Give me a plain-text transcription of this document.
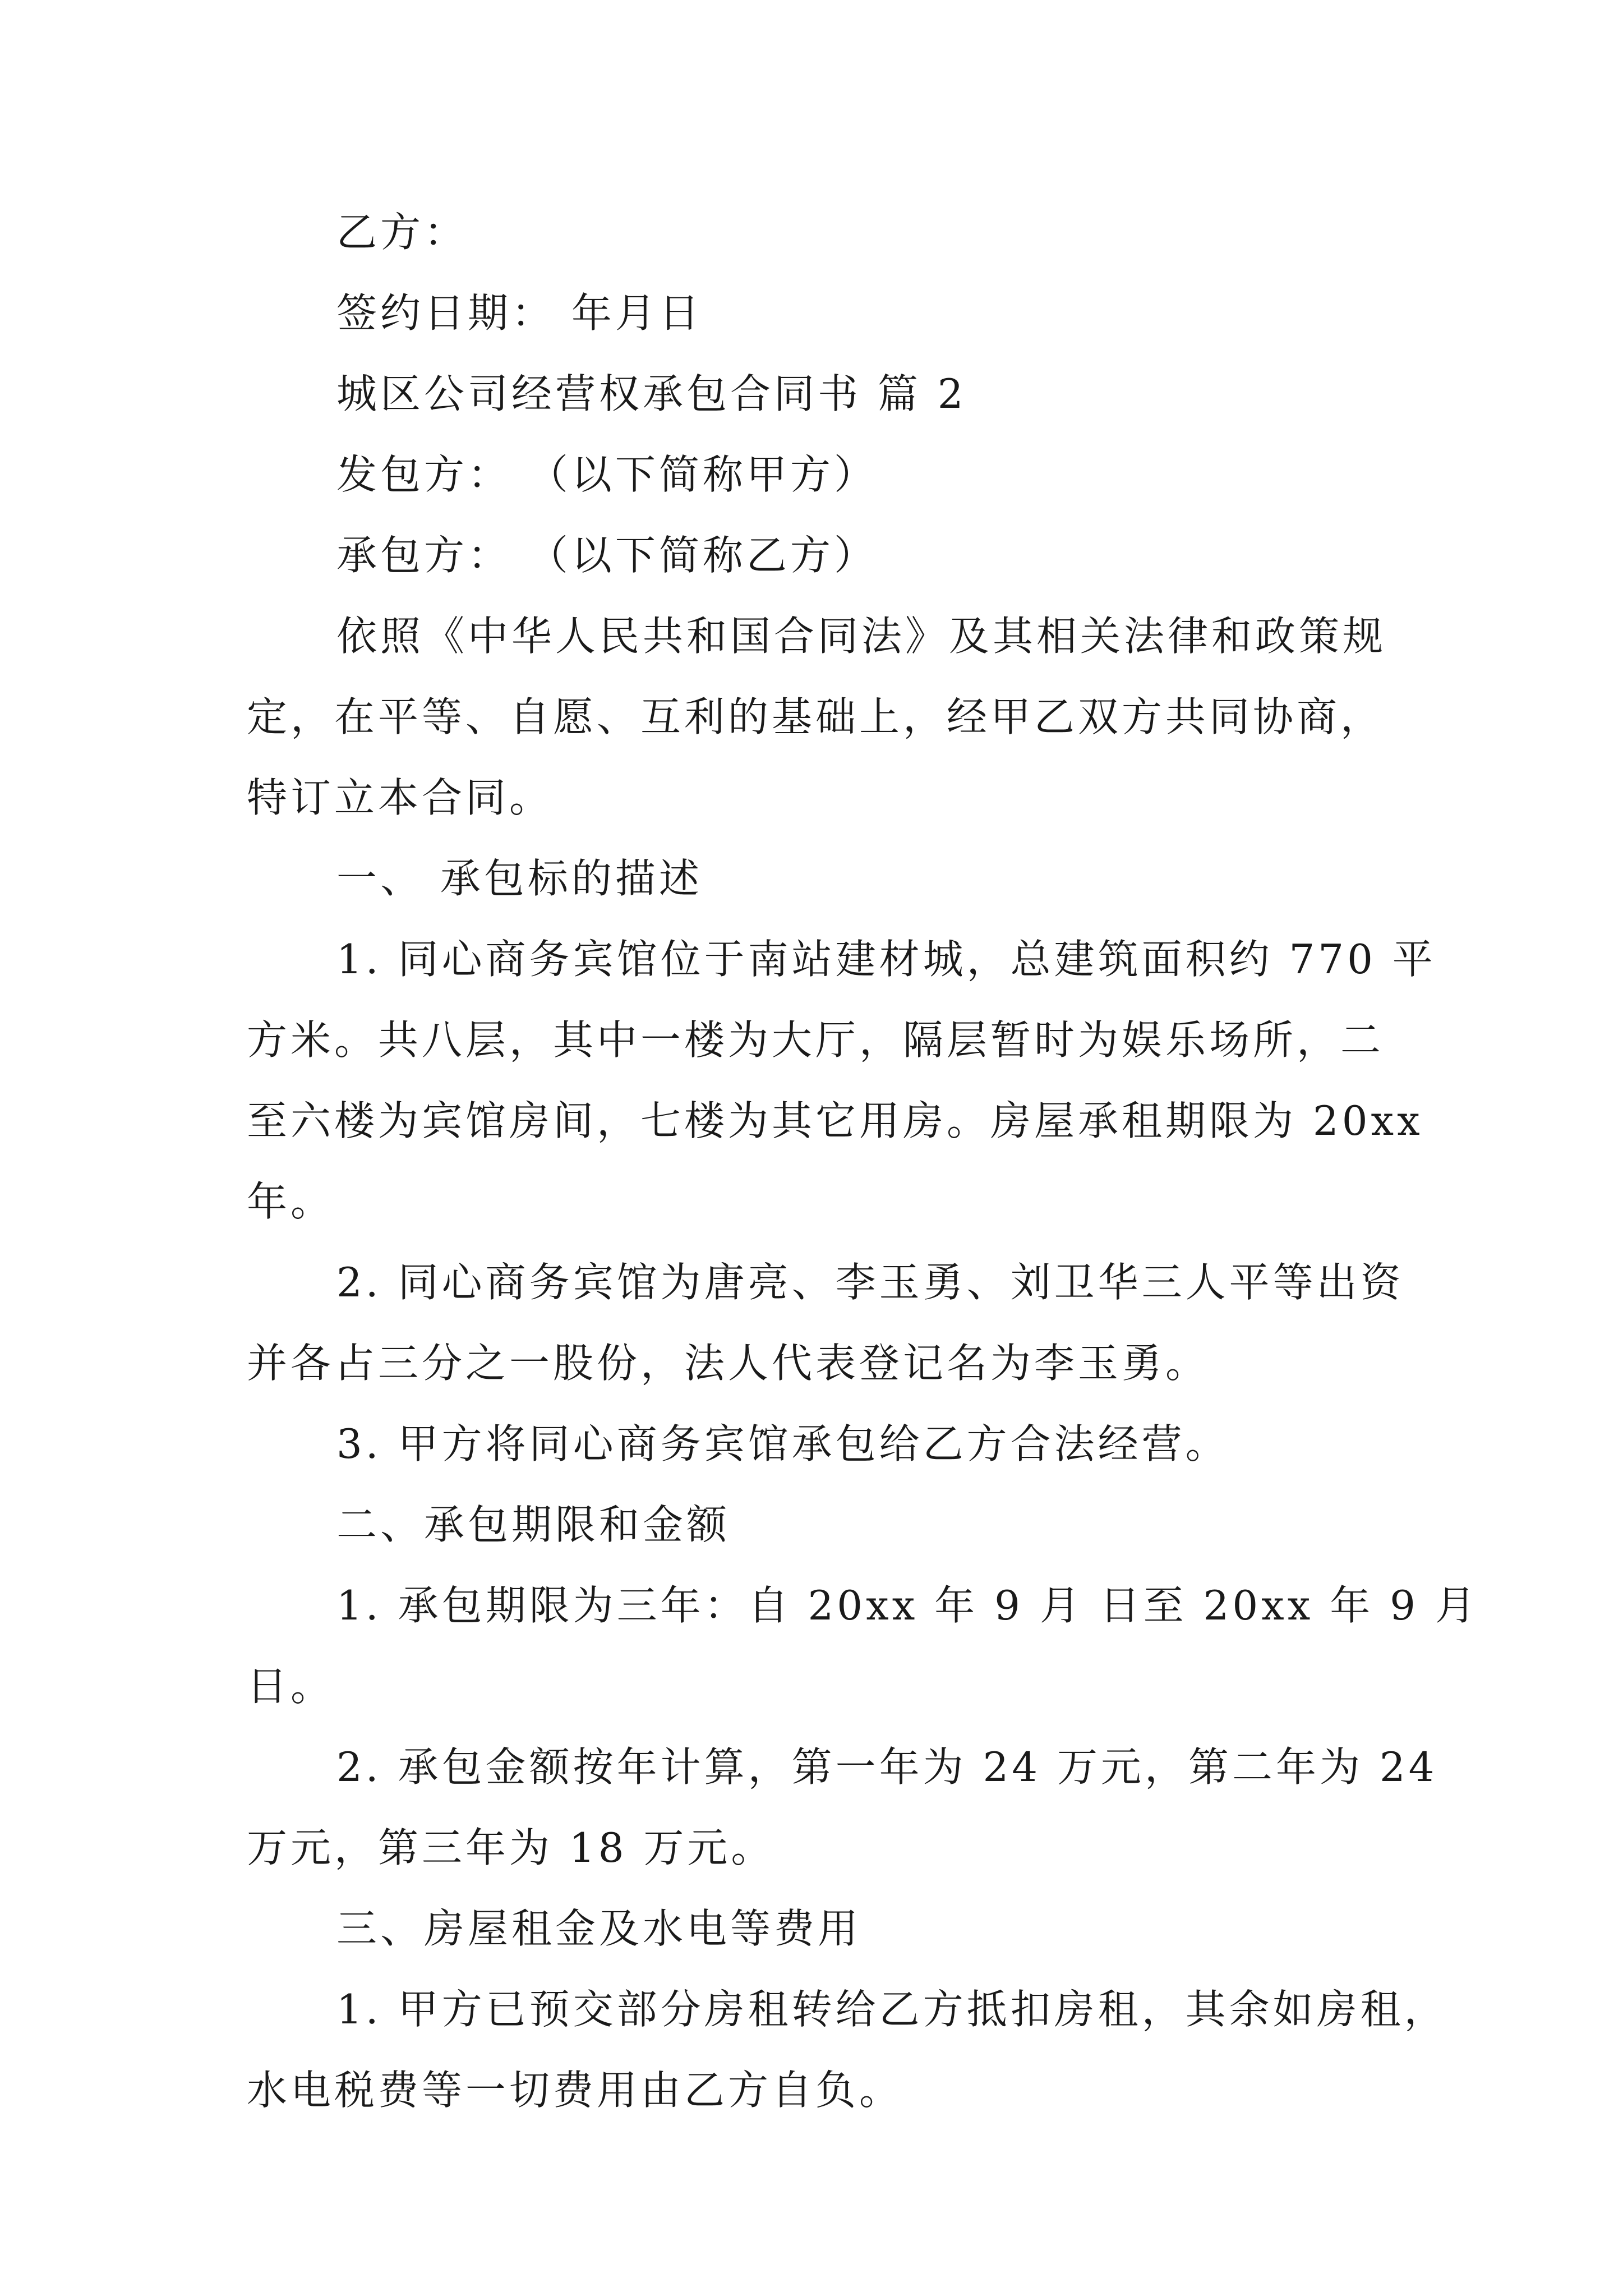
乙方：

签约日期： 年月日

城区公司经营权承包合同书 篇 2

发包方： （以下简称甲方）

承包方： （以下简称乙方）

依照《中华人民共和国合同法》及其相关法律和政策规

定，在平等、自愿、互利的基础上，经甲乙双方共同协商，

特订立本合同。

一、 承包标的描述

1. 同心商务宾馆位于南站建材城，总建筑面积约 770 平

方米。共八层，其中一楼为大厅，隔层暂时为娱乐场所，二

至六楼为宾馆房间，七楼为其它用房。房屋承租期限为 20xx

年。

2. 同心商务宾馆为唐亮、李玉勇、刘卫华三人平等出资

并各占三分之一股份，法人代表登记名为李玉勇。

3. 甲方将同心商务宾馆承包给乙方合法经营。

二、承包期限和金额

1. 承包期限为三年：自 20xx 年 9 月 日至 20xx 年 9 月

日。

2. 承包金额按年计算，第一年为 24 万元，第二年为 24

万元，第三年为 18 万元。

三、房屋租金及水电等费用

1. 甲方已预交部分房租转给乙方抵扣房租，其余如房租，

水电税费等一切费用由乙方自负。
